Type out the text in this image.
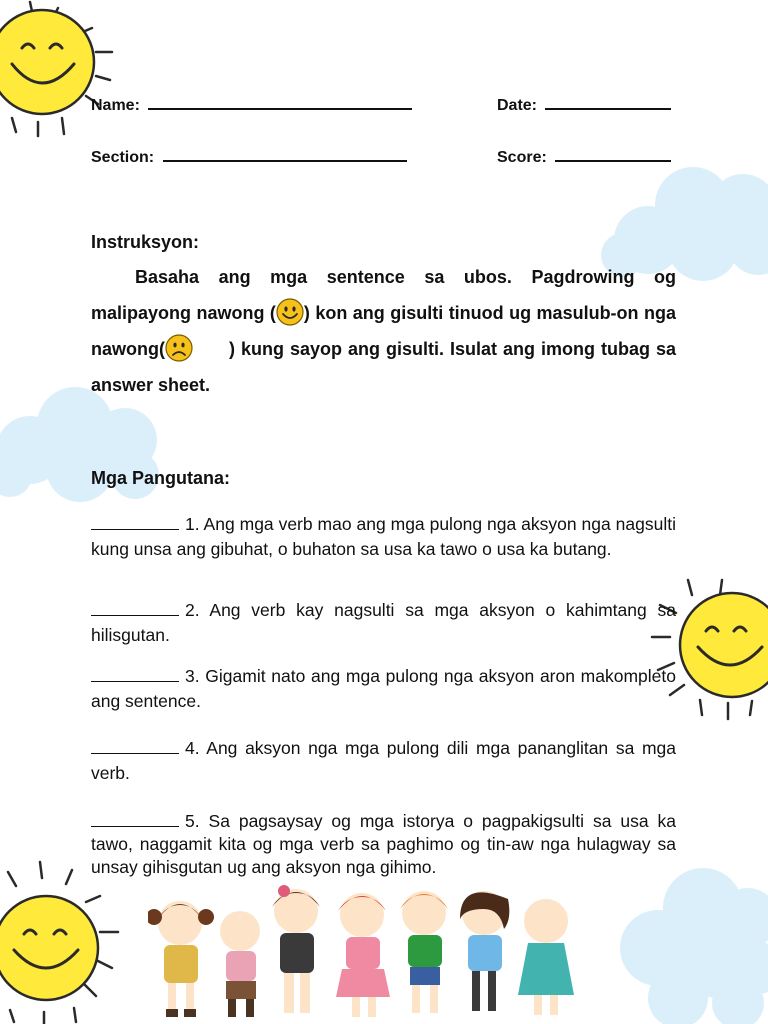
Name:	Date:
Section:	Score:
Instruksyon:

Basaha ang mga sentence sa ubos. Pagdrowing og malipayong nawong ( ) kon ang gisulti tinuod ug masulub-on nga nawong(	) kung sayop ang gisulti. Isulat ang imong tubag sa answer sheet.

Mga Pangutana:

1. Ang mga verb mao ang mga pulong nga aksyon nga nagsulti kung unsa ang gibuhat, o buhaton sa usa ka tawo o usa ka butang.

2. Ang verb kay nagsulti sa mga aksyon o kahimtang sa hilisgutan.

3. Gigamit nato ang mga pulong nga aksyon aron makompleto ang sentence.

4. Ang aksyon nga mga pulong dili mga pananglitan sa mga verb.

5. Sa pagsaysay og mga istorya o pagpakigsulti sa usa ka tawo, naggamit kita og mga verb sa paghimo og tin-aw nga hulagway sa unsay gihisgutan ug ang aksyon nga gihimo.
